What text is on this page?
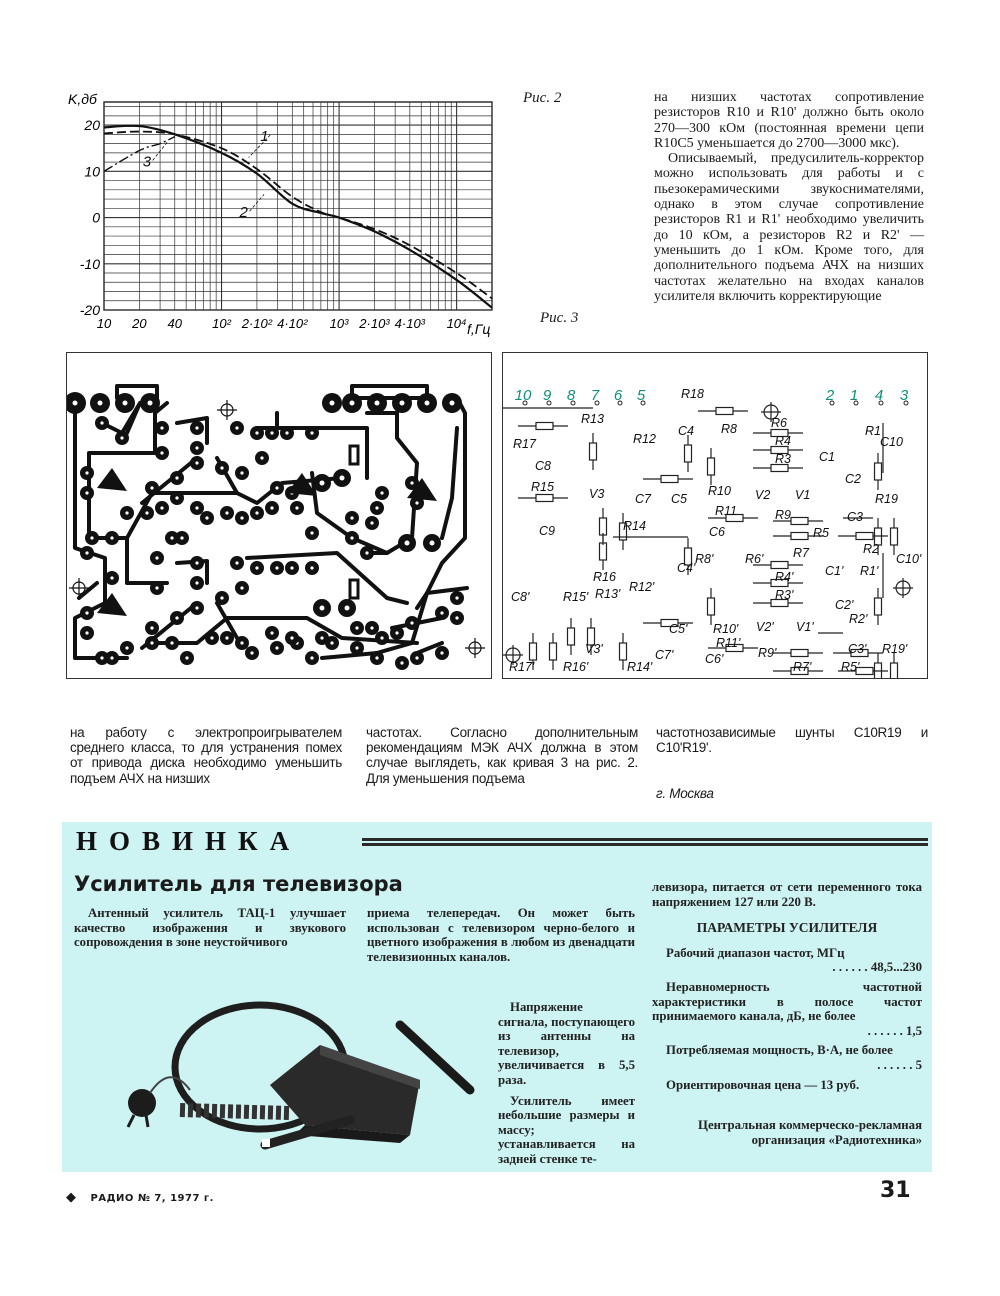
1
2
3
-20
-10
0
10
20
10 20 40 10² 2·10² 4·10² 10³ 2·10³ 4·10³ 10⁴
K,дб
f,Гц
Рис. 2
Рис. 3

на низших частотах сопротивление резисторов R10 и R10' должно быть около 270—300 кОм (постоянная времени цепи R10C5 уменьшается до 2700—3000 мкс).

Описываемый, предусилитель-корректор можно использовать для работы и с пьезокерамическими звукоснимателями, однако в этом случае сопротивление резисторов R1 и R1' необходимо увеличить до 10 кОм, а резисторов R2 и R2' — уменьшить до 1 кОм. Кроме того, для дополнительного подъема АЧХ на низших частотах желательно на входах каналов усилителя включить корректирующие

10 9 8 7 6 5	2 1 4 3
R18
R13
R17	R12
C4 R8	R6
R4
R3 C1
R1
C10
C8
R15	V3 C7 C5
R10 V2 V1
C2
R11	R9	C3
R19
C9	R14	C6	R5
R7	R2
R16
R6'
C4'
R8'
R1'
C10'
C1'
R12'
R4'
R3'
C8'	R15' R13'
C2'
R2'
C5' R10' V2' V1'
V3'	R11'
R9'	C3' R19'
C7'	C6'
R7' R5'
R17' R16'	R14'

на работу с электропроигрывателем среднего класса, то для устранения помех от привода диска необходимо уменьшить подъем АЧХ на низших

частотах. Согласно дополнительным рекомендациям МЭК АЧХ должна в этом случае выглядеть, как кривая 3 на рис. 2. Для уменьшения подъема

частотнозависимые шунты C10R19 и C10'R19'.

г. Москва

НОВИНКА
Усилитель для телевизора

Антенный усилитель ТАЦ-1 улучшает качество изображения и звукового сопровождения в зоне неустойчивого

приема телепередач. Он может быть использован с телевизором черно-белого и цветного изображения в любом из двенадцати телевизионных каналов.

Напряжение сигнала, поступающего из антенны на телевизор, увеличивается в 5,5 раза.

Усилитель имеет небольшие размеры и массу; устанавливается на задней стенке те-

левизора, питается от сети переменного тока напряжением 127 или 220 В.

ПАРАМЕТРЫ УСИЛИТЕЛЯ
Рабочий диапазон частот, МГц
. . . . . . 48,5...230
Неравномерность частотной характеристики в полосе частот принимаемого канала, дБ, не более
. . . . . . 1,5
Потребляемая мощность, В·А, не более
. . . . . . 5

Ориентировочная цена — 13 руб.

Центральная коммерческо-рекламная организация «Радиотехника»

◆ РАДИО № 7, 1977 г.	31
